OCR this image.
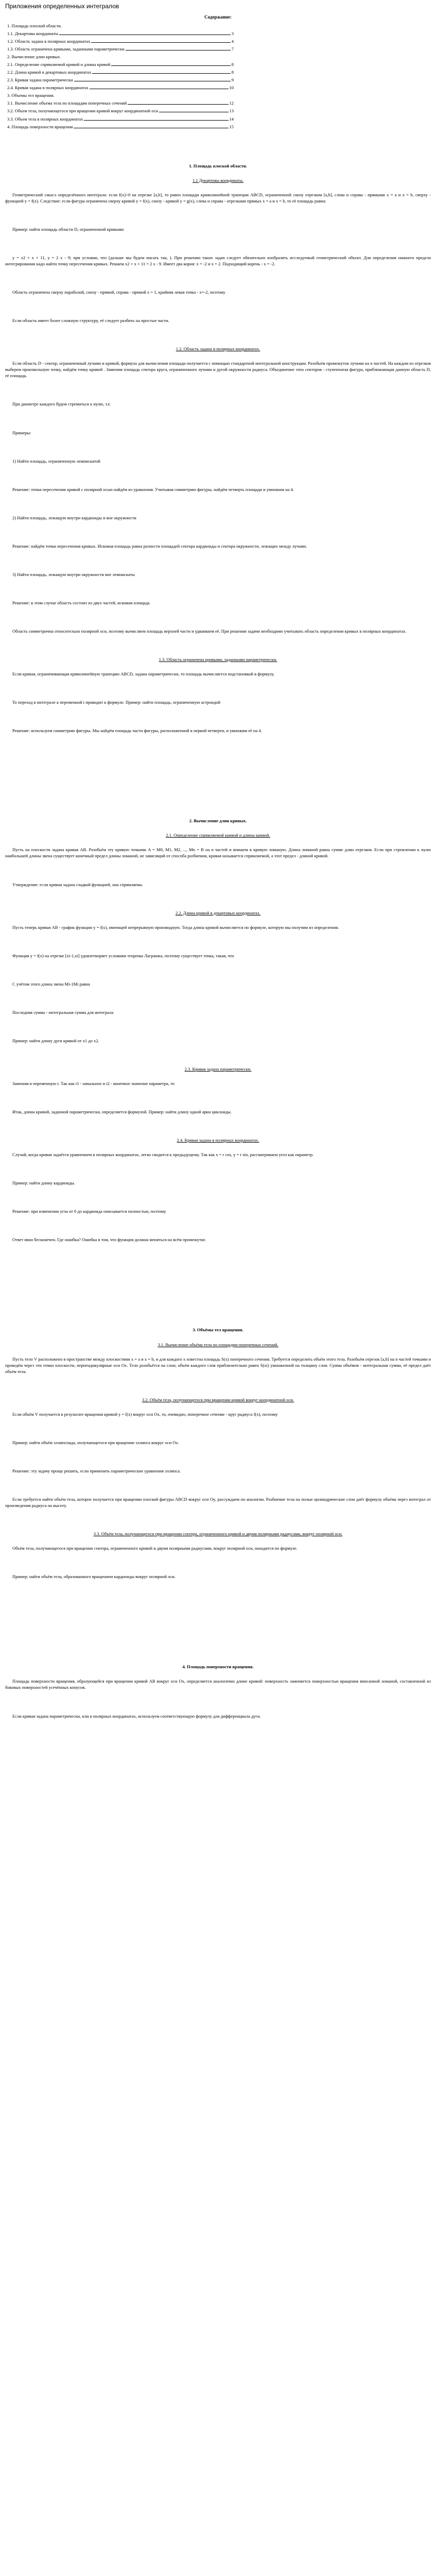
Приложения определенных интегралов
Содержание:
1. Площадь плоской области.
1.1. Декартовы координаты	3
1.2. Область задана в полярных координатах	4
1.3. Область ограничена кривыми, заданными параметрически	7
2. Вычисление длин кривых.
2.1. Определение спрямляемой кривой и длины кривой	8
2.2. Длина кривой в декартовых координатах	8
2.3. Кривая задана параметрически	9
2.4. Кривая задана в полярных координатах	10
3. Объемы тел вращения.
3.1. Вычисление объема тела по площадям поперечных сечений	12
3.2. Объем тела, получающегося при вращении кривой вокруг координатной оси	13
3.3. Объем тела в полярных координатах	14
4. Площадь поверхности вращения	15
1. Площадь плоской области.
1.1 Декартовы координаты.
Геометрический смысл определённого интеграла: если f(x)>0 на отрезке [a,b], то равен площади криволинейной трапеции ABCD, ограниченной снизу отрезком [a,b], слева и справа - прямыми x = a и x = b, сверху - функцией y = f(x). Следствие: если фигура ограничена сверху кривой y = f(x), снизу - кривой y = g(x), слева и справа - отрезками прямых x = a и x = b, то её площадь равна:
Пример: найти площадь области D, ограниченной кривыми
y = x2 + x + 11, y = 2 x - 9; при условии, что (дальше мы будем писать так, ). При решении таких задач следует обязательно изобразить исследуемый геометрический объект. Для определения нижнего предела интегрирования надо найти точку пересечения кривых. Решаем x2 + x + 11 = 2 x - 9. Имеет два корня: x = -2 и x = 2. Подходящий корень - x = -2.
Область ограничена сверху параболой, снизу - прямой, справа - прямой x = 1, крайняя левая точка - x=-2, поэтому
Если область имеет более сложную структуру, её следует разбить на простые части.
1.2. Область задана в полярных координатах.
Если область D - сектор, ограниченный лучами и кривой, формула для вычисления площади получается с помощью стандартной интегральной конструкции. Разобьём промежуток лучами на n частей. На каждом из отрезков выберем произвольную точку, найдём точку кривой . Заменим площадь сектора круга, ограниченного лучами и дугой окружности радиуса. Объединение этих секторов - ступенчатая фигура, приближающая данную область D, её площадь
При диаметре каждого будем стремиться к нулю, т.е.
Примеры:
1) Найти площадь, ограниченную лемнискатой
Решение: точки пересечения кривой с полярной осью найдём из уравнения. Учитывая симметрию фигуры, найдём четверть площади и умножим на 4.
2) Найти площадь, лежащую внутри кардиоиды и вне окружности
Решение: найдём точки пересечения кривых. Искомая площадь равна разности площадей сектора кардиоиды и сектора окружности, лежащих между лучами.
3) Найти площадь, лежащую внутри окружности вне лемнискаты
Решение: в этом случае область состоит из двух частей, искомая площадь
Область симметрична относительно полярной оси, поэтому вычисляем площадь верхней части и удваиваем её. При решении задачи необходимо учитывать область определения кривых в полярных координатах.
1.3. Область ограничена кривыми, заданными параметрически.
Если кривая, ограничивающая криволинейную трапецию ABCD, задана параметрически, то площадь вычисляется подстановкой в формулу.
То переход в интеграле к переменной t приводит к формуле. Пример: найти площадь, ограниченную астроидой
Решение: используем симметрию фигуры. Мы найдём площадь части фигуры, расположенной в первой четверти, и умножим её на 4.
2. Вычисление длин кривых.
2.1. Определение спрямляемой кривой и длины кривой.
Пусть на плоскости задана кривая AB. Разобьём эту кривую точками A = M0, M1, M2, ..., Mn = B на n частей и впишем в кривую ломаную. Длина ломаной равна сумме длин отрезков. Если при стремлении к нулю наибольшей длины звена существует конечный предел длины ломаной, не зависящий от способа разбиения, кривая называется спрямляемой, а этот предел - длиной кривой.
Утверждение: если кривая задана гладкой функцией, она спрямляема.
2.2. Длина кривой в декартовых координатах.
Пусть теперь кривая AB - график функции y = f(x), имеющей непрерывную производную. Тогда длина кривой вычисляется по формуле, которую мы получим из определения.
Функция y = f(x) на отрезке [xi-1,xi] удовлетворяет условиям теоремы Лагранжа, поэтому существует точка, такая, что
С учётом этого длина звена Mi-1Mi равна
Последняя сумма - интегральная сумма для интеграла
Пример: найти длину дуги кривой от x1 до x2.
2.3. Кривая задана параметрически.
Заменим в переменную t. Так как t1 - начальное и t2 - конечное значение параметра, то
Итак, длина кривой, заданной параметрически, определяется формулой. Пример: найти длину одной арки циклоиды.
2.4. Кривая задана в полярных координатах.
Случай, когда кривая задаётся уравнением в полярных координатах, легко сводится к предыдущему. Так как x = r cos, y = r sin, рассматриваем угол как параметр.
Пример: найти длину кардиоиды.
Решение: при изменении угла от 0 до кардиоида описывается полностью, поэтому
Ответ явно бесконечен. Где ошибка? Ошибка в том, что функция должна меняться на всём промежутке.
3. Объёмы тел вращения.
3.1. Вычисление объёма тела по площадям поперечных сечений.
Пусть тело V расположено в пространстве между плоскостями x = a и x = b, и для каждого x известна площадь S(x) поперечного сечения. Требуется определить объём этого тела. Разобьём отрезок [a,b] на n частей точками и проведём через эти точки плоскости, перпендикулярные оси Ox. Тело разобьётся на слои; объём каждого слоя приблизительно равен S(xi) умноженной на толщину слоя. Сумма объёмов - интегральная сумма, её предел даёт объём тела.
3.2. Объём тела, получающегося при вращении кривой вокруг координатной оси.
Если объём V получается в результате вращения кривой y = f(x) вокруг оси Ox, то, очевидно, поперечное сечение - круг радиуса f(x), поэтому
Пример: найти объём эллипсоида, получающегося при вращении эллипса вокруг оси Ox.
Решение: эту задачу проще решить, если применить параметрические уравнения эллипса.
Если требуется найти объём тела, которое получается при вращении плоской фигуры ABCD вокруг оси Oy, рассуждаем по аналогии. Разбиение тела на полые цилиндрические слои даёт формулу объёма через интеграл от произведения радиуса на высоту.
3.3. Объём тела, получающегося при вращении сектора, ограниченного кривой и двумя полярными радиусами, вокруг полярной оси.
Объём тела, получающегося при вращении сектора, ограниченного кривой и двумя полярными радиусами, вокруг полярной оси, находится по формуле.
Пример: найти объём тела, образованного вращением кардиоиды вокруг полярной оси.
4. Площадь поверхности вращения.
Площадь поверхности вращения, образующейся при вращении кривой AB вокруг оси Ox, определяется аналогично длине кривой: поверхность заменяется поверхностью вращения вписанной ломаной, составленной из боковых поверхностей усечённых конусов.
Если кривая задана параметрически, или в полярных координатах, используем соответствующую формулу для дифференциала дуги.
